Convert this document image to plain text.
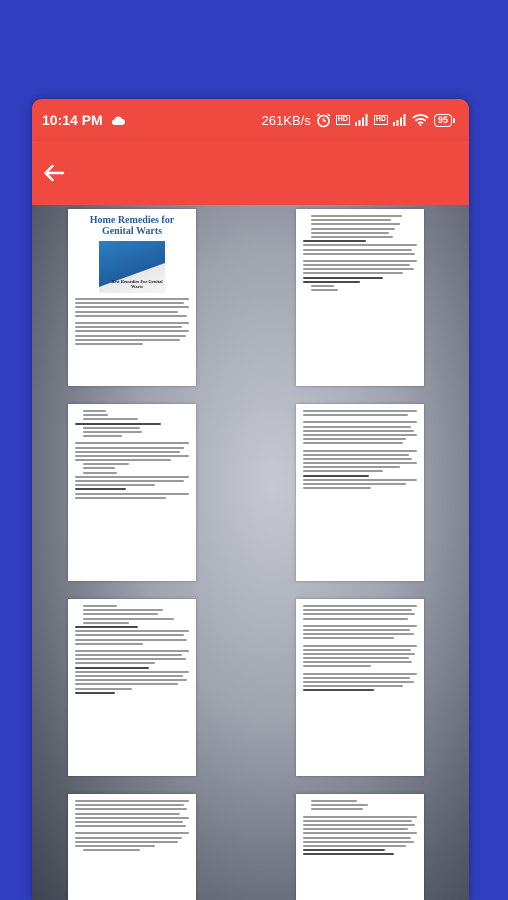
10:14 PM	261KB/s	HD	HD	95
Home Remedies for Genital Warts
Best Remedies For Genital Warts
